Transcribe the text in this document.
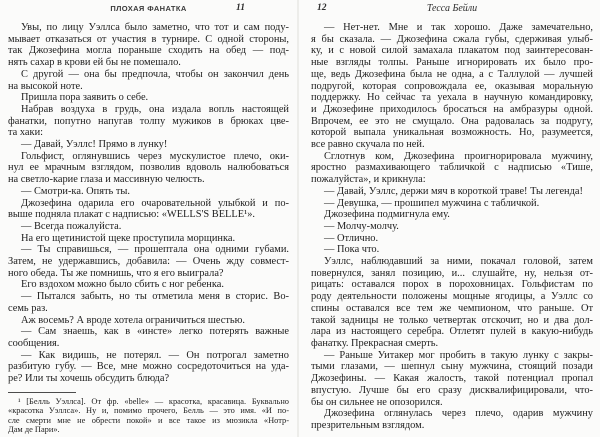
ПЛОХАЯ ФАНАТКА	11
Увы, по лицу Уэллса было заметно, что тот и сам поду-
мывает отказаться от участия в турнире. С одной стороны,
так Джозефина могла пораньше сходить на обед — под-
нять сахар в крови ей бы не помешало.
С другой — она бы предпочла, чтобы он закончил день
на высокой ноте.
Пришла пора заявить о себе.
Набрав воздуха в грудь, она издала вопль настоящей
фанатки, попутно напугав толпу мужиков в брюках цве-
та хаки:
— Давай, Уэллс! Прямо в лунку!
Гольфист, оглянувшись через мускулистое плечо, оки-
нул ее мрачным взглядом, позволив вдоволь налюбоваться
на светло-карие глаза и массивную челюсть.
— Смотри-ка. Опять ты.
Джозефина одарила его очаровательной улыбкой и по-
выше подняла плакат с надписью: «WELLS'S BELLE¹».
— Всегда пожалуйста.
На его щетинистой щеке проступила морщинка.
— Ты справишься, — прошептала она одними губами.
Затем, не удержавшись, добавила: — Очень жду совмест-
ного обеда. Ты же помнишь, что я его выиграла?
Его вздохом можно было сбить с ног ребенка.
— Пытался забыть, но ты отметила меня в сторис. Во-
семь раз.
Аж восемь? А вроде хотела ограничиться шестью.
— Сам знаешь, как в «инсте» легко потерять важные
сообщения.
— Как видишь, не потерял. — Он потрогал заметно
разбитую губу. — Все, мне можно сосредоточиться на уда-
ре? Или ты хочешь обсудить блюда?
¹ [Белль Уэллса]. От фр. «belle» — красотка, красавица. Буквально
«красотка Уэллса». Ну и, помимо прочего, Белль — это имя. «И по-
сле смерти мне не обрести покой» и все такое из мюзикла «Нотр-
Дам де Пари».
Тесса Бейли
12
— Нет-нет. Мне и так хорошо. Даже замечательно,
я бы сказала. — Джозефина сжала губы, сдерживая улыб-
ку, и с новой силой замахала плакатом под заинтересован-
ные взгляды толпы. Раньше игнорировать их было про-
ще, ведь Джозефина была не одна, а с Таллулой — лучшей
подругой, которая сопровождала ее, оказывая моральную
поддержку. Но сейчас та уехала в научную командировку,
и Джозефине приходилось бросаться на амбразуры одной.
Впрочем, ее это не смущало. Она радовалась за подругу,
которой выпала уникальная возможность. Но, разумеется,
все равно скучала по ней.
Сглотнув ком, Джозефина проигнорировала мужчину,
яростно размахивающего табличкой с надписью «Тише,
пожалуйста», и крикнула:
— Давай, Уэллс, держи мяч в короткой траве! Ты легенда!
— Девушка, — прошипел мужчина с табличкой.
Джозефина подмигнула ему.
— Молчу-молчу.
— Отлично.
— Пока что.
Уэллс, наблюдавший за ними, покачал головой, затем
повернулся, занял позицию, и... слушайте, ну, нельзя от-
рицать: оставался порох в пороховницах. Гольфистам по
роду деятельности положены мощные ягодицы, а Уэллс со
спины оставался все тем же чемпионом, что раньше. От
такой задницы не только четвертак отскочит, но и два дол-
лара из настоящего серебра. Отлетят пулей в какую-нибудь
фанатку. Прекрасная смерть.
— Раньше Уитакер мог пробить в такую лунку с закры-
тыми глазами, — шепнул сыну мужчина, стоящий позади
Джозефины. — Какая жалость, такой потенциал пропал
впустую. Лучше бы его сразу дисквалифицировали, что-
бы он сильнее не опозорился.
Джозефина оглянулась через плечо, одарив мужчину
презрительным взглядом.
